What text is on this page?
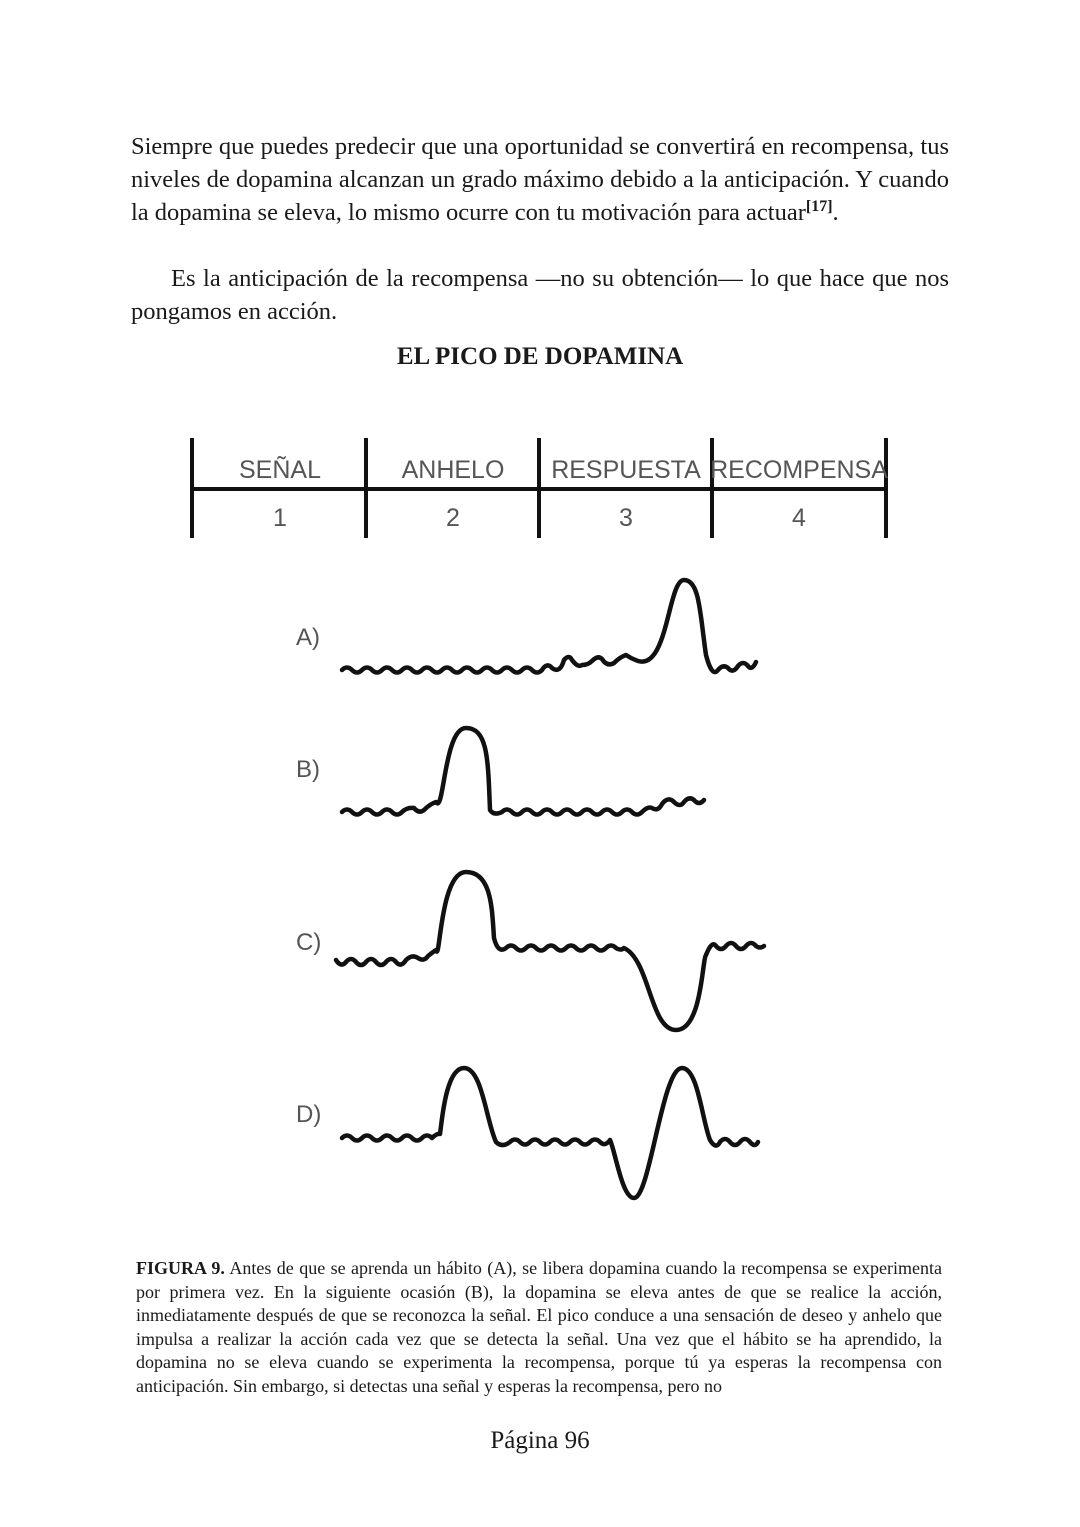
Siempre que puedes predecir que una oportunidad se convertirá en recompensa, tus niveles de dopamina alcanzan un grado máximo debido a la anticipación. Y cuando la dopamina se eleva, lo mismo ocurre con tu motivación para actuar[17].

Es la anticipación de la recompensa —no su obtención— lo que hace que nos pongamos en acción.

EL PICO DE DOPAMINA
SEÑAL	ANHELO RESPUESTA RECOMPENSA
1	2	3	4
A)
B)
C)
D)

FIGURA 9. Antes de que se aprenda un hábito (A), se libera dopamina cuando la recompensa se experimenta por primera vez. En la siguiente ocasión (B), la dopamina se eleva antes de que se realice la acción, inmediatamente después de que se reconozca la señal. El pico conduce a una sensación de deseo y anhelo que impulsa a realizar la acción cada vez que se detecta la señal. Una vez que el hábito se ha aprendido, la dopamina no se eleva cuando se experimenta la recompensa, porque tú ya esperas la recompensa con anticipación. Sin embargo, si detectas una señal y esperas la recompensa, pero no

Página 96
